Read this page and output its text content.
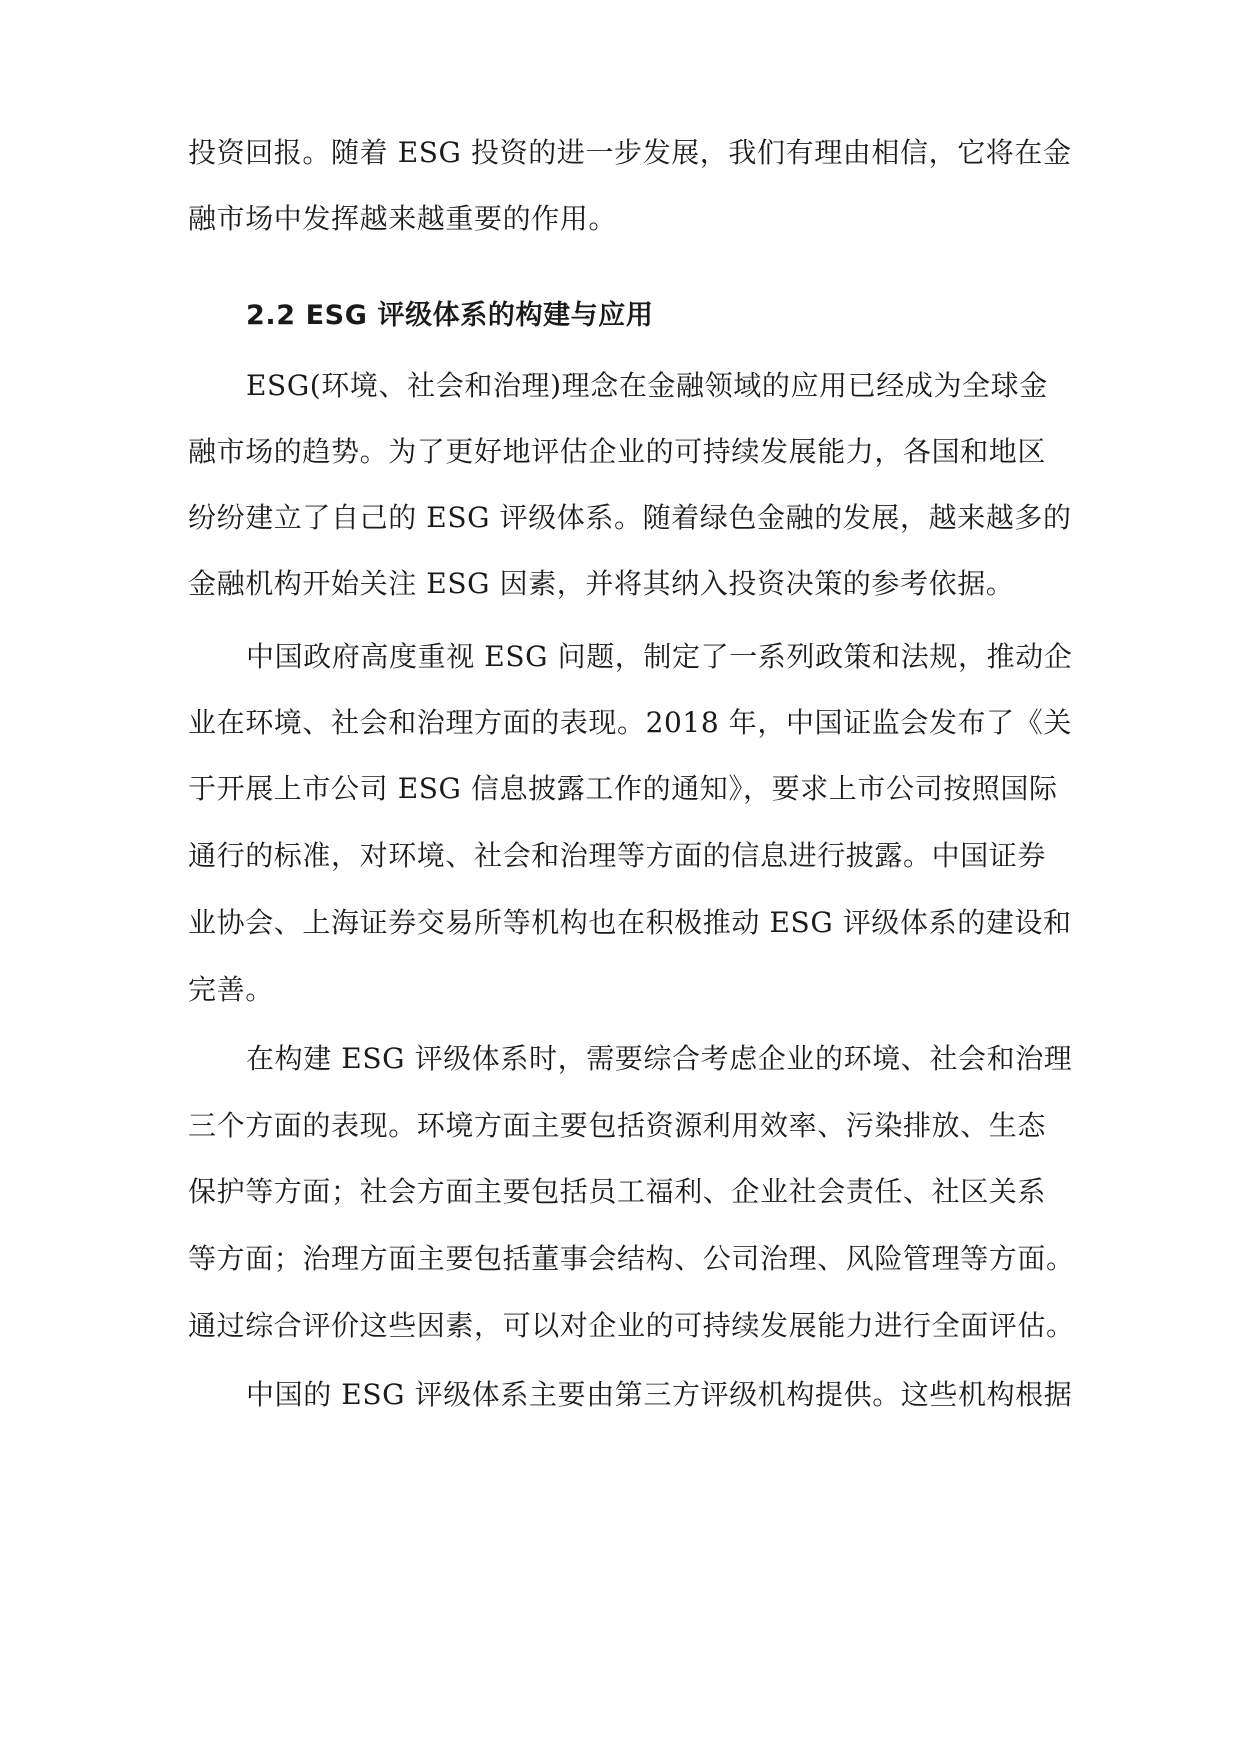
投资回报。随着 ESG 投资的进一步发展，我们有理由相信，它将在金
融市场中发挥越来越重要的作用。
2.2 ESG 评级体系的构建与应用
ESG(环境、社会和治理)理念在金融领域的应用已经成为全球金
融市场的趋势。为了更好地评估企业的可持续发展能力，各国和地区
纷纷建立了自己的 ESG 评级体系。随着绿色金融的发展，越来越多的
金融机构开始关注 ESG 因素，并将其纳入投资决策的参考依据。
中国政府高度重视 ESG 问题，制定了一系列政策和法规，推动企
业在环境、社会和治理方面的表现。2018 年，中国证监会发布了《关
于开展上市公司 ESG 信息披露工作的通知》，要求上市公司按照国际
通行的标准，对环境、社会和治理等方面的信息进行披露。中国证券
业协会、上海证券交易所等机构也在积极推动 ESG 评级体系的建设和
完善。
在构建 ESG 评级体系时，需要综合考虑企业的环境、社会和治理
三个方面的表现。环境方面主要包括资源利用效率、污染排放、生态
保护等方面；社会方面主要包括员工福利、企业社会责任、社区关系
等方面；治理方面主要包括董事会结构、公司治理、风险管理等方面。
通过综合评价这些因素，可以对企业的可持续发展能力进行全面评估。
中国的 ESG 评级体系主要由第三方评级机构提供。这些机构根据
